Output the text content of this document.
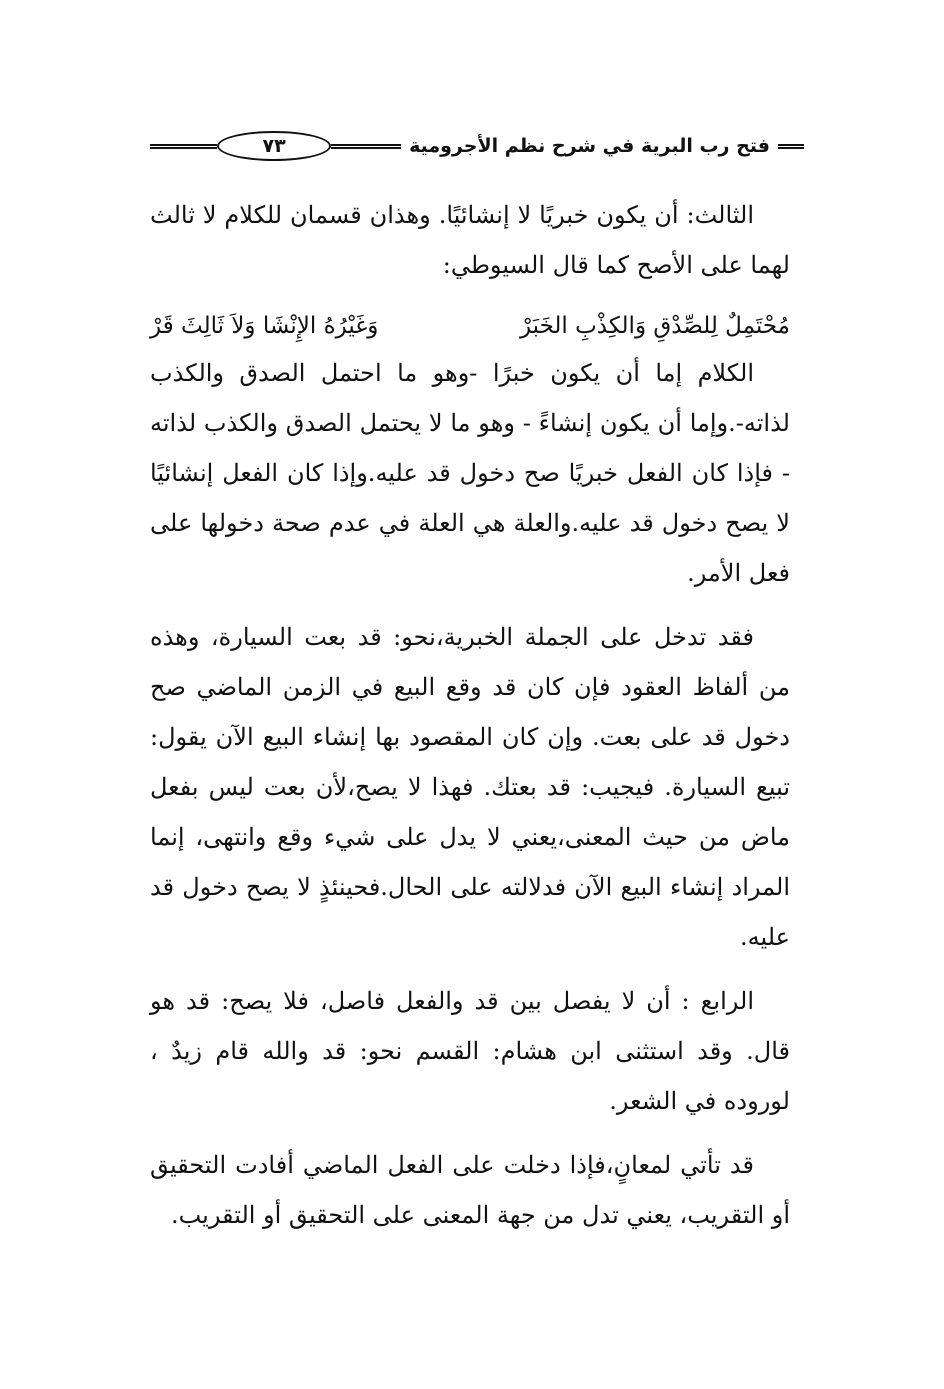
فتح رب البرية في شرح نظم الأجرومية
٧٣

الثالث: أن يكون خبريًا لا إنشائيًا. وهذان قسمان للكلام لا ثالث لهما على الأصح كما قال السيوطي:

مُحْتَمِلٌ لِلصِّدْقِ وَالكِذْبِ الخَبَرْ
وَغَيْرُهُ الإِنْشَا وَلاَ ثَالِثَ قَرْ

الكلام إما أن يكون خبرًا -وهو ما احتمل الصدق والكذب لذاته-.وإما أن يكون إنشاءً - وهو ما لا يحتمل الصدق والكذب لذاته - فإذا كان الفعل خبريًا صح دخول قد عليه.وإذا كان الفعل إنشائيًا لا يصح دخول قد عليه.والعلة هي العلة في عدم صحة دخولها على فعل الأمر.

فقد تدخل على الجملة الخبرية،نحو: قد بعت السيارة، وهذه من ألفاظ العقود فإن كان قد وقع البيع في الزمن الماضي صح دخول قد على بعت. وإن كان المقصود بها إنشاء البيع الآن يقول: تبيع السيارة. فيجيب: قد بعتك. فهذا لا يصح،لأن بعت ليس بفعل ماض من حيث المعنى،يعني لا يدل على شيء وقع وانتهى، إنما المراد إنشاء البيع الآن فدلالته على الحال.فحينئذٍ لا يصح دخول قد عليه.

الرابع : أن لا يفصل بين قد والفعل فاصل، فلا يصح: قد هو قال. وقد استثنى ابن هشام: القسم نحو: قد والله قام زيدٌ ، لوروده في الشعر.

قد تأتي لمعانٍ،فإذا دخلت على الفعل الماضي أفادت التحقيق أو التقريب، يعني تدل من جهة المعنى على التحقيق أو التقريب.
